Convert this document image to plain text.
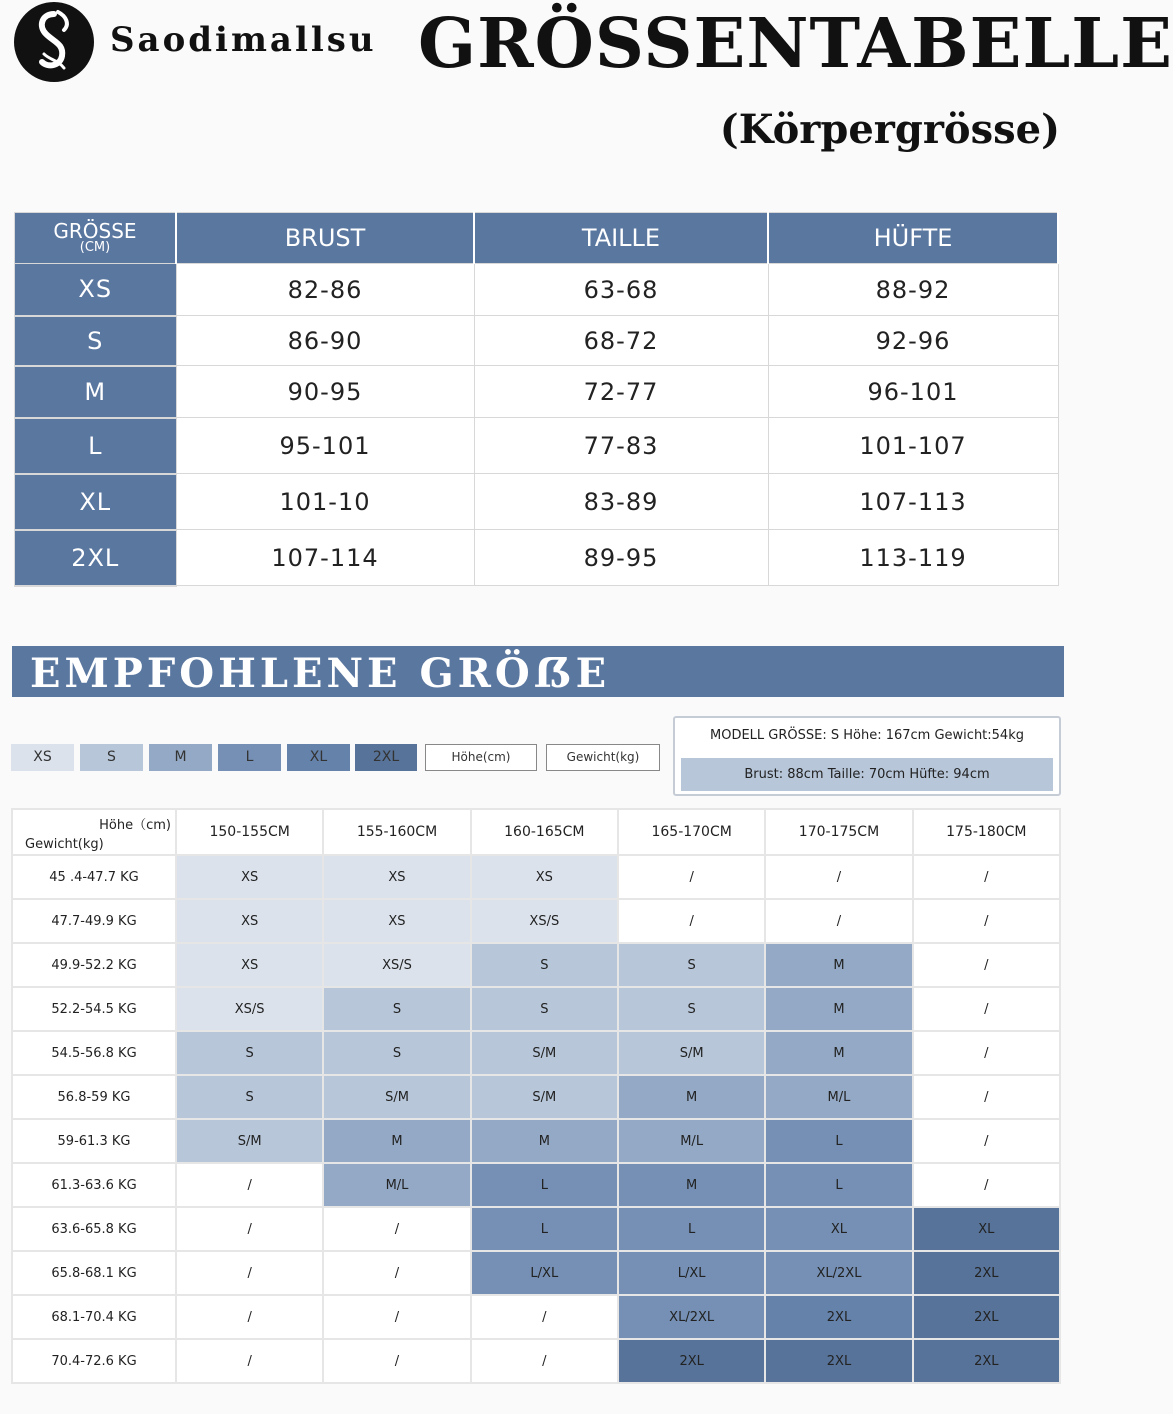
Saodimallsu GRÖSSENTABELLE
(Körpergrösse)
GRÖSSE
(CM)	BRUST	TAILLE	HÜFTE
XS	82-86	63-68	88-92
S	86-90	68-72	92-96
M	90-95	72-77	96-101
L	95-101	77-83	101-107
XL	101-10	83-89	107-113
2XL	107-114	89-95	113-119
EMPFOHLENE GRÖẞE
XS	S	M	L	XL	2XL	Höhe(cm)	Gewicht(kg)
MODELL GRÖSSE: S Höhe: 167cm Gewicht:54kg
Brust: 88cm Taille: 70cm Hüfte: 94cm
Höhe（cm)
Gewicht(kg)	150-155CM	155-160CM	160-165CM	165-170CM	170-175CM	175-180CM
45 .4-47.7 KG	XS	XS	XS	/	/	/
47.7-49.9 KG	XS	XS	XS/S	/	/	/
49.9-52.2 KG	XS	XS/S	S	S	M	/
52.2-54.5 KG	XS/S	S	S	S	M	/
54.5-56.8 KG	S	S	S/M	S/M	M	/
56.8-59 KG	S	S/M	S/M	M	M/L	/
59-61.3 KG	S/M	M	M	M/L	L	/
61.3-63.6 KG	/	M/L	L	M	L	/
63.6-65.8 KG	/	/	L	L	XL	XL
65.8-68.1 KG	/	/	L/XL	L/XL	XL/2XL	2XL
68.1-70.4 KG	/	/	/	XL/2XL	2XL	2XL
70.4-72.6 KG	/	/	/	2XL	2XL	2XL
